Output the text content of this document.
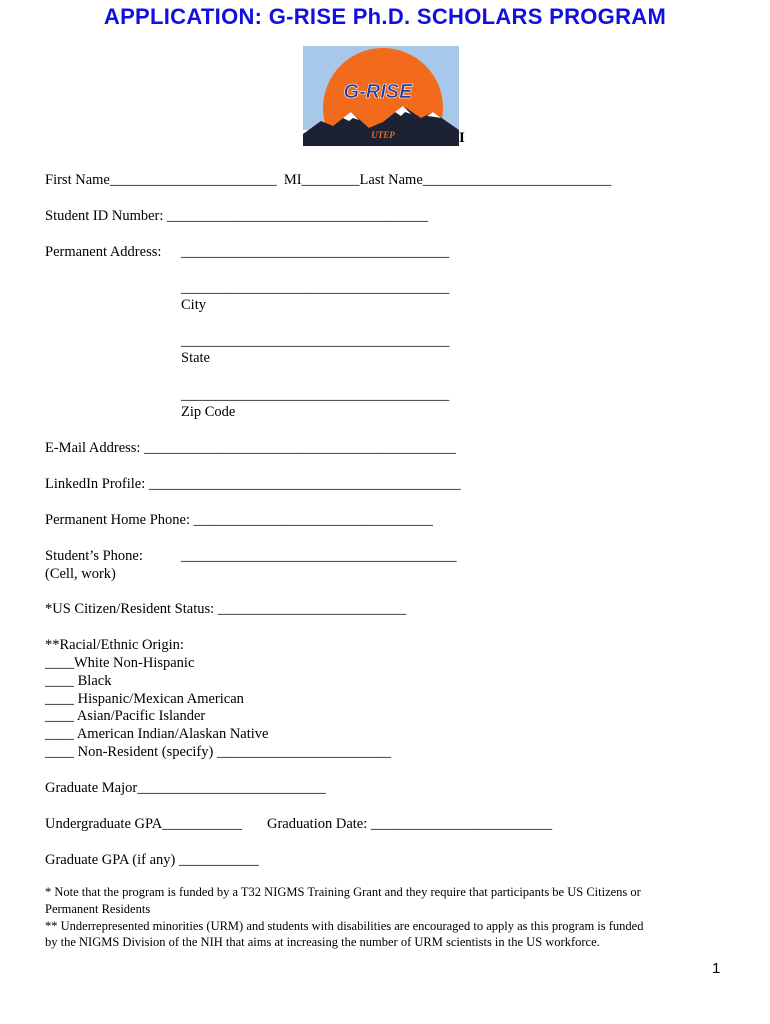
APPLICATION: G-RISE Ph.D. SCHOLARS PROGRAM
G-RISE
UTEP	I
First Name_______________________  MI________Last Name__________________________
Student ID Number: ____________________________________
Permanent Address: _____________________________________
_____________________________________
City
_____________________________________
State
_____________________________________
Zip Code
E-Mail Address: ___________________________________________
LinkedIn Profile: ___________________________________________
Permanent Home Phone: _________________________________
Student’s Phone:	______________________________________
(Cell, work)
*US Citizen/Resident Status: __________________________
**Racial/Ethnic Origin:
____White Non-Hispanic
____ Black
____ Hispanic/Mexican American
____ Asian/Pacific Islander
____ American Indian/Alaskan Native
____ Non-Resident (specify) ________________________
Graduate Major__________________________
Undergraduate GPA___________ Graduation Date: _________________________
Graduate GPA (if any) ___________
* Note that the program is funded by a T32 NIGMS Training Grant and they require that participants be US Citizens or
Permanent Residents
** Underrepresented minorities (URM) and students with disabilities are encouraged to apply as this program is funded
by the NIGMS Division of the NIH that aims at increasing the number of URM scientists in the US workforce.
1
